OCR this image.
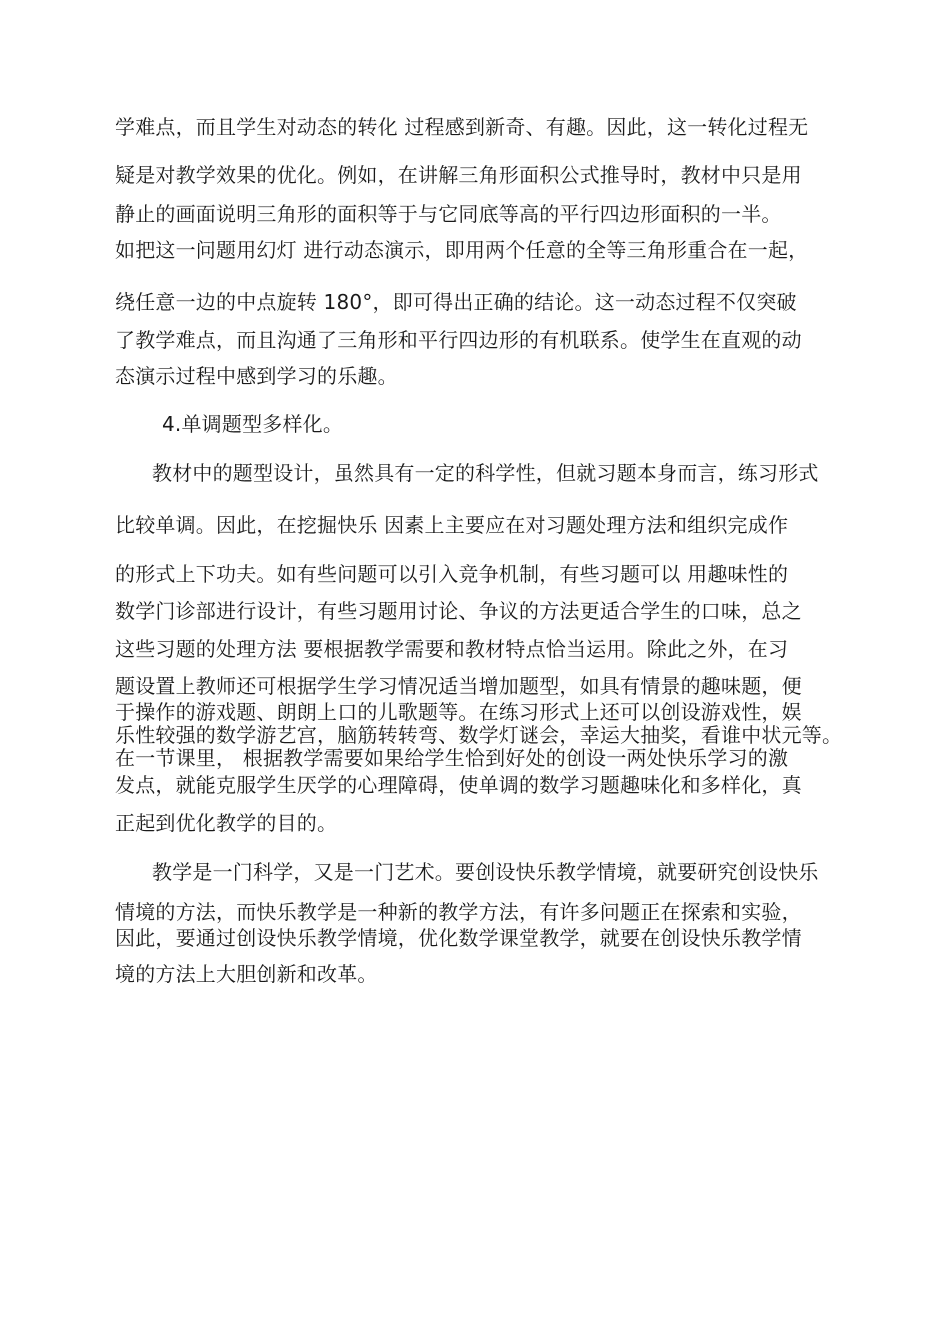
学难点，而且学生对动态的转化 过程感到新奇、有趣。因此，这一转化过程无
疑是对教学效果的优化。例如，在讲解三角形面积公式推导时，教材中只是用
静止的画面说明三角形的面积等于与它同底等高的平行四边形面积的一半。
如把这一问题用幻灯 进行动态演示，即用两个任意的全等三角形重合在一起，
绕任意一边的中点旋转 180°，即可得出正确的结论。这一动态过程不仅突破
了教学难点，而且沟通了三角形和平行四边形的有机联系。使学生在直观的动
态演示过程中感到学习的乐趣。
4.单调题型多样化。
教材中的题型设计，虽然具有一定的科学性，但就习题本身而言，练习形式
比较单调。因此，在挖掘快乐 因素上主要应在对习题处理方法和组织完成作
的形式上下功夫。如有些问题可以引入竞争机制，有些习题可以 用趣味性的
数学门诊部进行设计，有些习题用讨论、争议的方法更适合学生的口味，总之
这些习题的处理方法 要根据教学需要和教材特点恰当运用。除此之外，在习
题设置上教师还可根据学生学习情况适当增加题型，如具有情景的趣味题，便
于操作的游戏题、朗朗上口的儿歌题等。在练习形式上还可以创设游戏性，娱
乐性较强的数学游艺宫，脑筋转转弯、数学灯谜会，幸运大抽奖，看谁中状元等。
在一节课里， 根据教学需要如果给学生恰到好处的创设一两处快乐学习的激
发点，就能克服学生厌学的心理障碍，使单调的数学习题趣味化和多样化，真
正起到优化教学的目的。
教学是一门科学，又是一门艺术。要创设快乐教学情境，就要研究创设快乐
情境的方法，而快乐教学是一种新的教学方法，有许多问题正在探索和实验，
因此，要通过创设快乐教学情境，优化数学课堂教学，就要在创设快乐教学情
境的方法上大胆创新和改革。
